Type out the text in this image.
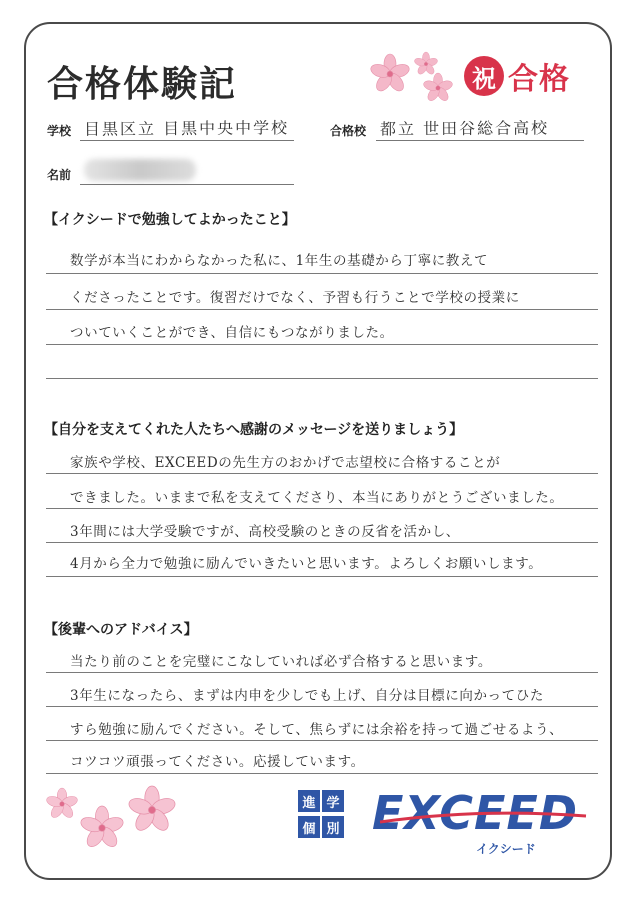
合格体験記	祝 合格
学校 目黒区立 目黒中央中学校	合格校 都立 世田谷総合高校
名前
【イクシードで勉強してよかったこと】
数学が本当にわからなかった私に、1年生の基礎から丁寧に教えて
くださったことです。復習だけでなく、予習も行うことで学校の授業に
ついていくことができ、自信にもつながりました。
【自分を支えてくれた人たちへ感謝のメッセージを送りましょう】
家族や学校、EXCEEDの先生方のおかげで志望校に合格することが
できました。いままで私を支えてくださり、本当にありがとうございました。
3年間には大学受験ですが、高校受験のときの反省を活かし、
4月から全力で勉強に励んでいきたいと思います。よろしくお願いします。
【後輩へのアドバイス】
当たり前のことを完璧にこなしていれば必ず合格すると思います。
3年生になったら、まずは内申を少しでも上げ、自分は目標に向かってひた
すら勉強に励んでください。そして、焦らずには余裕を持って過ごせるよう、
コツコツ頑張ってください。応援しています。
進 学
個 別 EXCEED
イクシード
